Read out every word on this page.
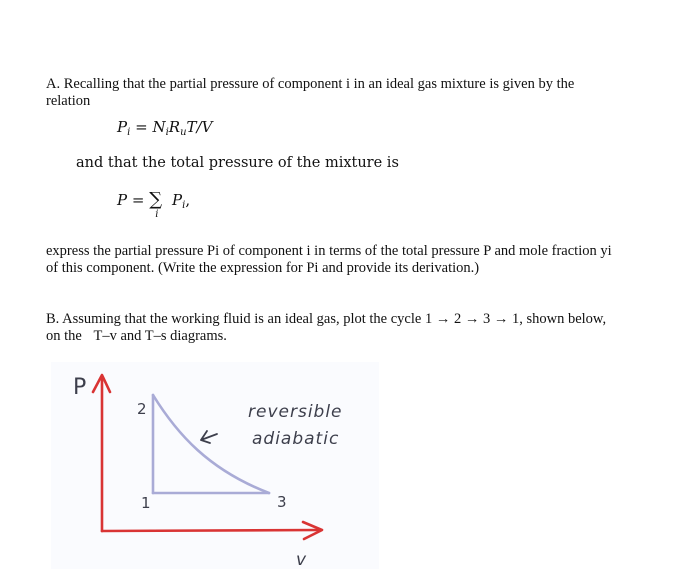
A. Recalling that the partial pressure of component i in an ideal gas mixture is given by the
relation
$P_i = N_iR_uT/V$
and that the total pressure of the mixture is
P = ∑
i
$P_i$,
express the partial pressure Pi of component i in terms of the total pressure P and mole fraction yi
of this component. (Write the expression for Pi and provide its derivation.)
B. Assuming that the working fluid is an ideal gas, plot the cycle 1 → 2 → 3 → 1, shown below,
on the T–v and T–s diagrams.
P
v
2
1	3
reversible
adiabatic
